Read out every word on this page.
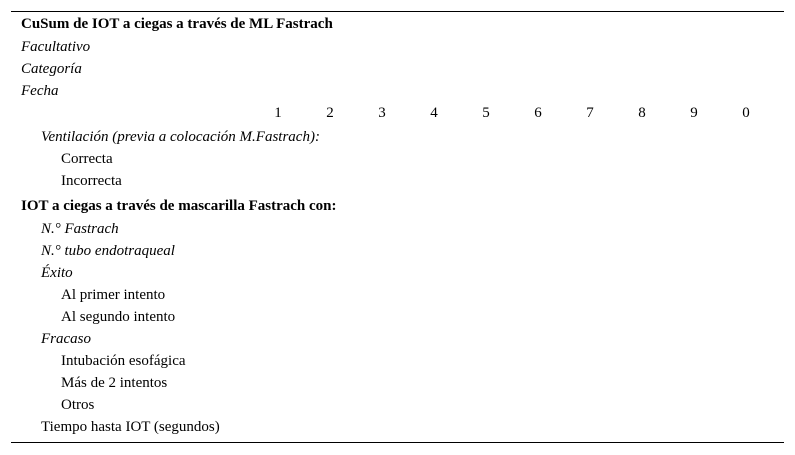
CuSum de IOT a ciegas a través de ML Fastrach
Facultativo
Categoría
Fecha
1	2	3	4	5	6	7	8	9	0
Ventilación (previa a colocación M.Fastrach):
Correcta
Incorrecta
IOT a ciegas a través de mascarilla Fastrach con:
N.° Fastrach
N.° tubo endotraqueal
Éxito
Al primer intento
Al segundo intento
Fracaso
Intubación esofágica
Más de 2 intentos
Otros
Tiempo hasta IOT (segundos)
